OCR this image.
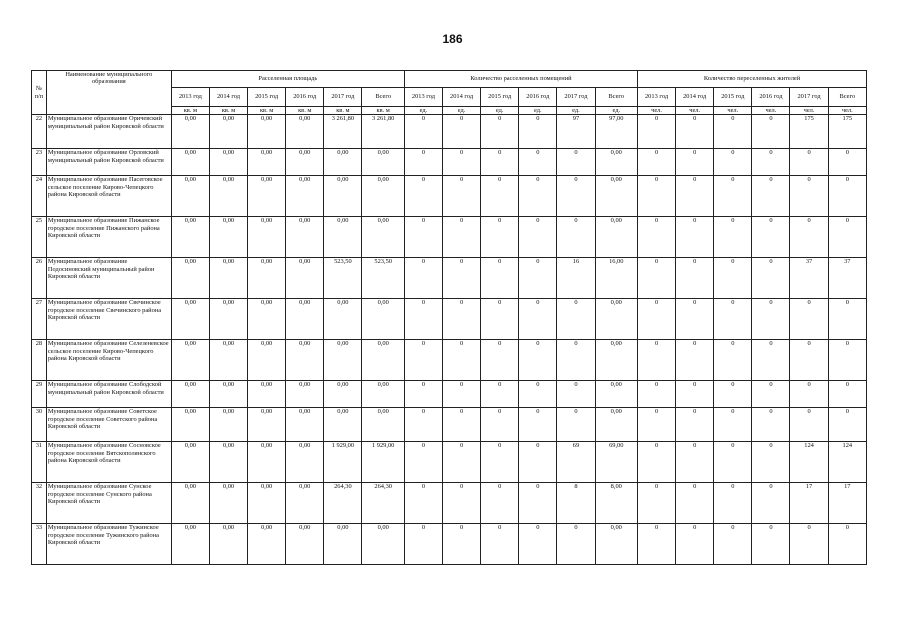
186
№ п/п	Наименование муниципального образования	Расселенная площадь						Количество расселенных помещений						Количество переселенных жителей					
		2013 год	2014 год	2015 год	2016 год	2017 год	Всего	2013 год	2014 год	2015 год	2016 год	2017 год	Всего	2013 год	2014 год	2015 год	2016 год	2017 год	Всего
		кв. м	кв. м	кв. м	кв. м	кв. м	кв. м	ед.	ед.	ед.	ед.	ед.	ед.	чел.	чел.	чел.	чел.	чел.	чел.
22	Муниципальное образование Оричевский муниципальный район Кировской области	0,00	0,00	0,00	0,00	3 261,80	3 261,80	0	0	0	0	97	97,00	0	0	0	0	175	175
23	Муниципальное образование Орловский муниципальный район Кировской области	0,00	0,00	0,00	0,00	0,00	0,00	0	0	0	0	0	0,00	0	0	0	0	0	0
24	Муниципальное образование Пасеговское сельское поселение Кирово-Чепецкого района Кировской области	0,00	0,00	0,00	0,00	0,00	0,00	0	0	0	0	0	0,00	0	0	0	0	0	0
25	Муниципальное образование Пижанское городское поселение Пижанского района Кировской области	0,00	0,00	0,00	0,00	0,00	0,00	0	0	0	0	0	0,00	0	0	0	0	0	0
26	Муниципальное образование Подосиновский муниципальный район Кировской области	0,00	0,00	0,00	0,00	523,50	523,50	0	0	0	0	16	16,00	0	0	0	0	37	37
27	Муниципальное образование Свечинское городское поселение Свечинского района Кировской области	0,00	0,00	0,00	0,00	0,00	0,00	0	0	0	0	0	0,00	0	0	0	0	0	0
28	Муниципальное образование Селезеневское сельское поселение Кирово-Чепецкого района Кировской области	0,00	0,00	0,00	0,00	0,00	0,00	0	0	0	0	0	0,00	0	0	0	0	0	0
29	Муниципальное образование Слободской муниципальный район Кировской области	0,00	0,00	0,00	0,00	0,00	0,00	0	0	0	0	0	0,00	0	0	0	0	0	0
30	Муниципальное образование Советское городское поселение Советского района Кировской области	0,00	0,00	0,00	0,00	0,00	0,00	0	0	0	0	0	0,00	0	0	0	0	0	0
31	Муниципальное образование Сосновское городское поселение Вятскополянского района Кировской области	0,00	0,00	0,00	0,00	1 929,00	1 929,00	0	0	0	0	69	69,00	0	0	0	0	124	124
32	Муниципальное образование Сунское городское поселение Сунского района Кировской области	0,00	0,00	0,00	0,00	264,30	264,30	0	0	0	0	8	8,00	0	0	0	0	17	17
33	Муниципальное образование Тужинское городское поселение Тужинского района Кировской области	0,00	0,00	0,00	0,00	0,00	0,00	0	0	0	0	0	0,00	0	0	0	0	0	0
